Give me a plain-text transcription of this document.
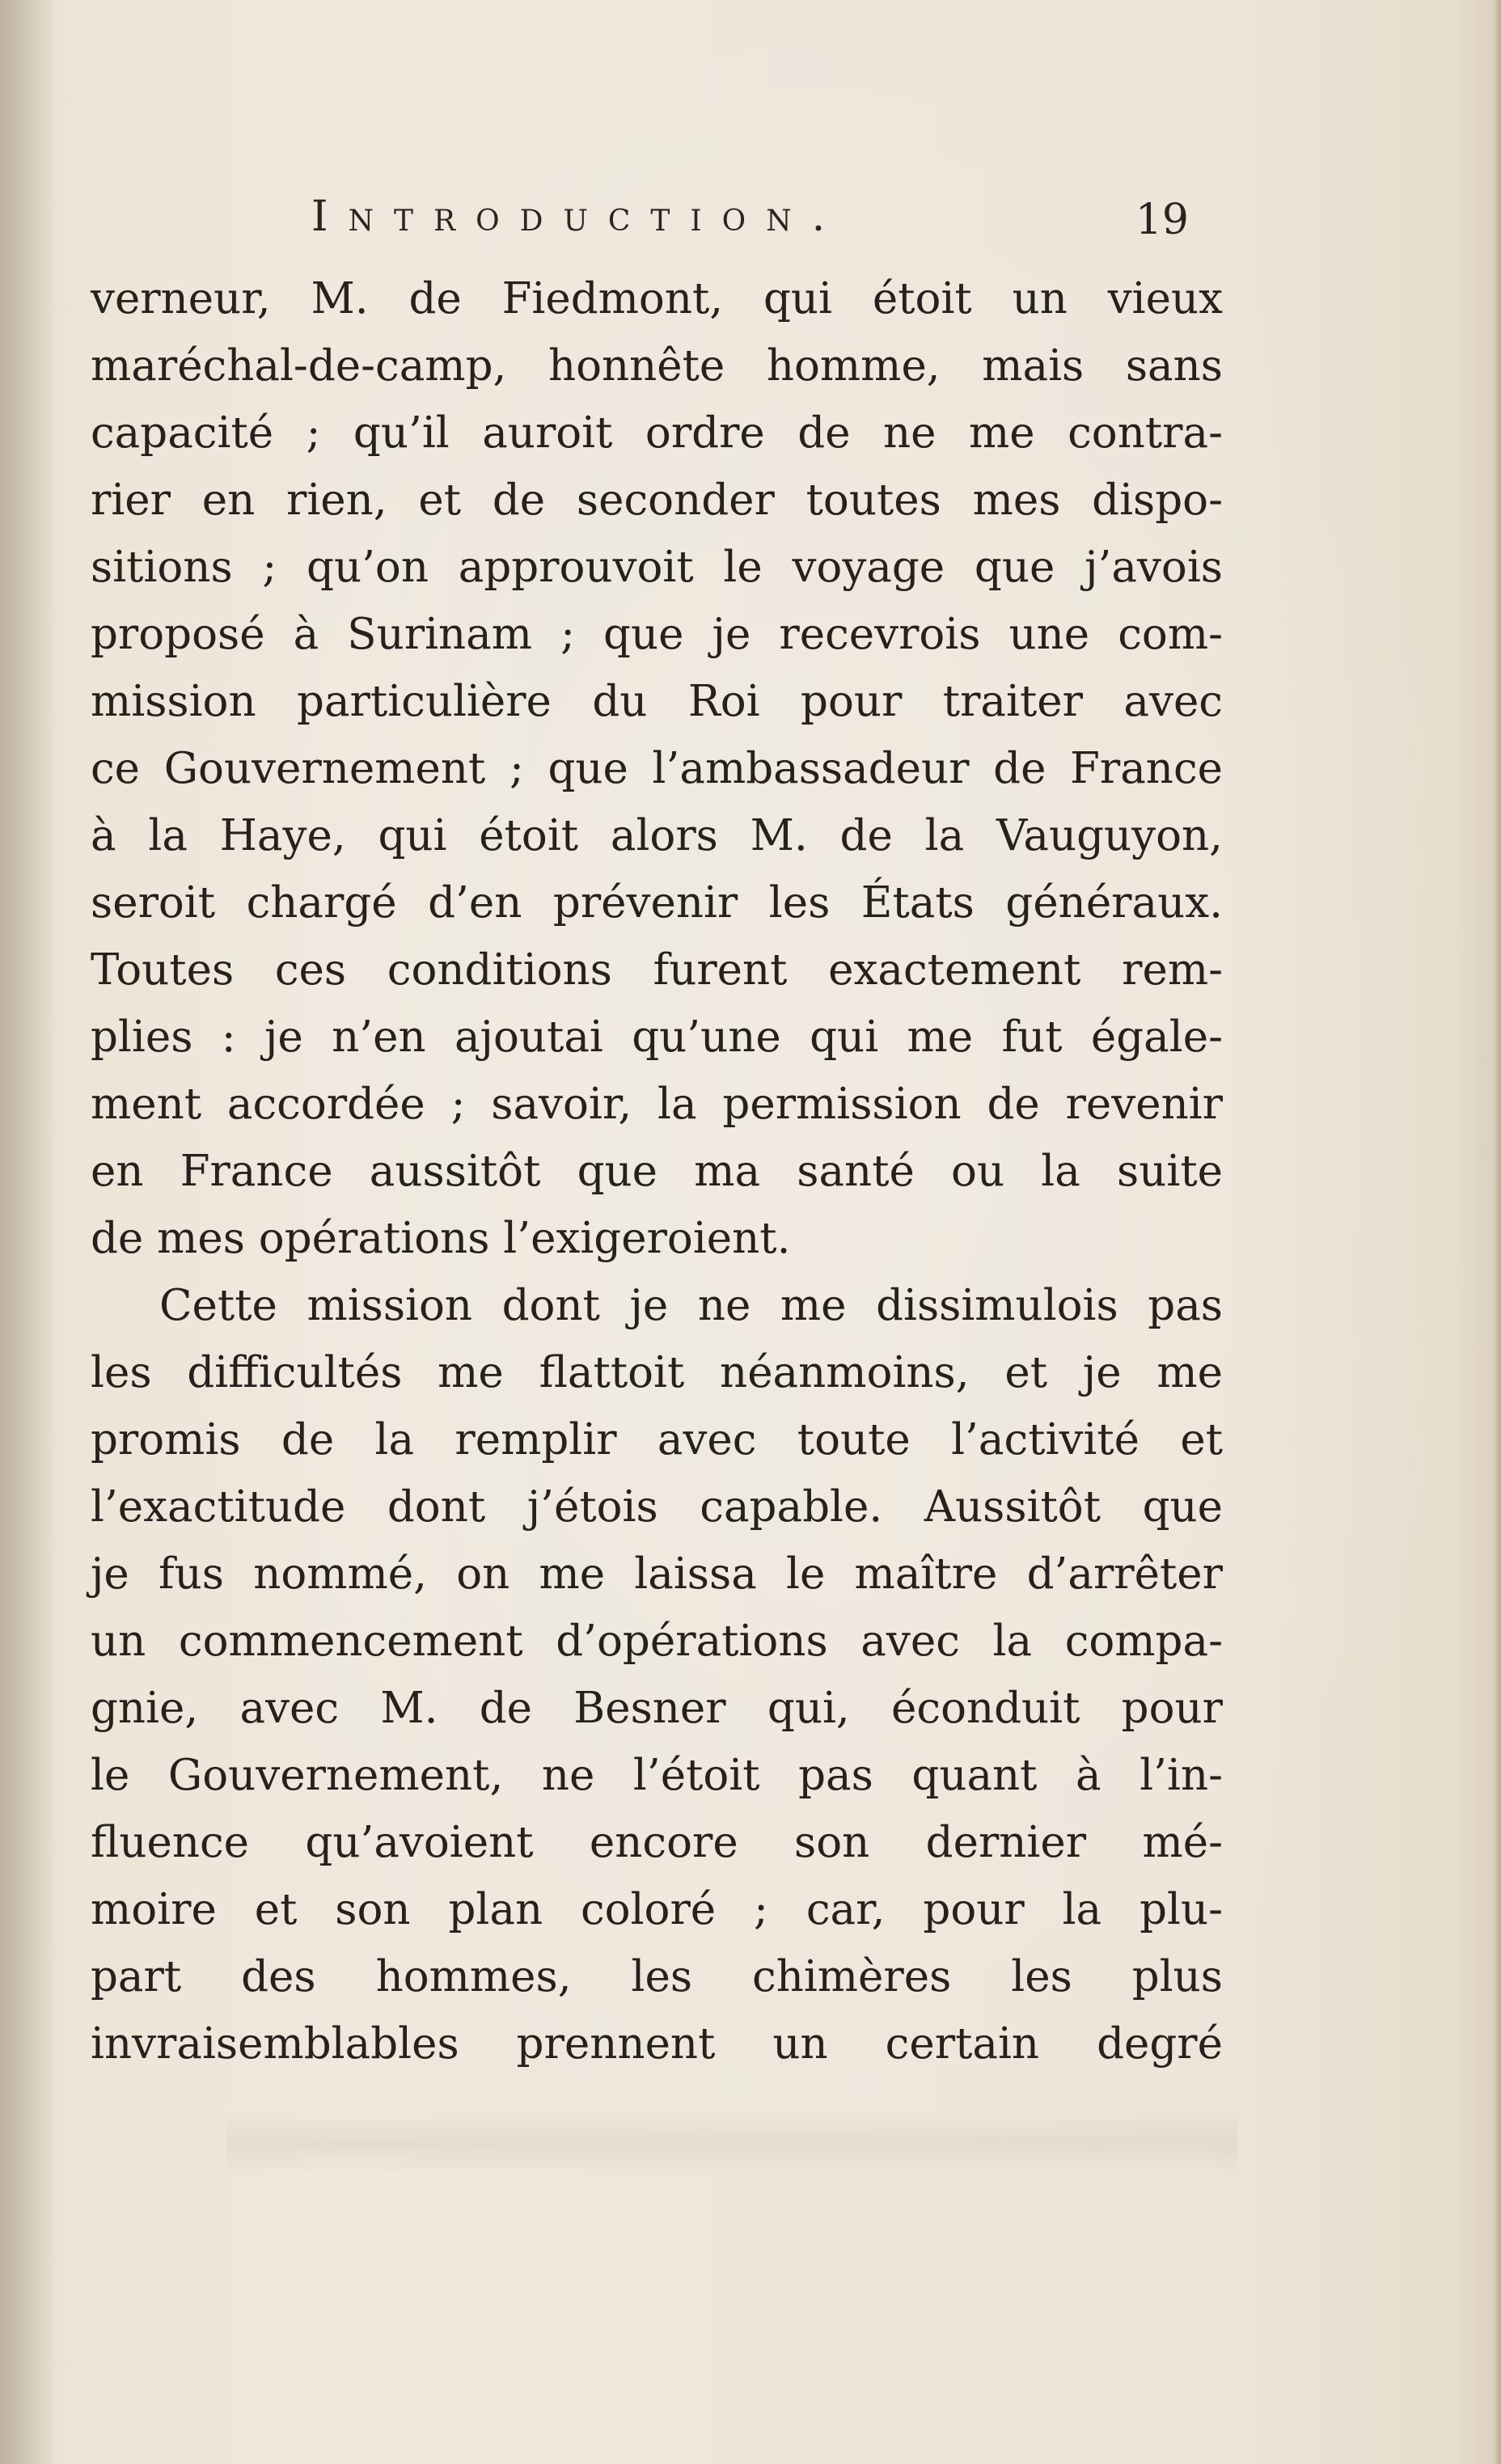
Introduction.	19
verneur, M. de Fiedmont, qui étoit un vieux
maréchal-de-camp, honnête homme, mais sans
capacité ; qu’il auroit ordre de ne me contra-
rier en rien, et de seconder toutes mes dispo-
sitions ; qu’on approuvoit le voyage que j’avois
proposé à Surinam ; que je recevrois une com-
mission particulière du Roi pour traiter avec
ce Gouvernement ; que l’ambassadeur de France
à la Haye, qui étoit alors M. de la Vauguyon,
seroit chargé d’en prévenir les États généraux.
Toutes ces conditions furent exactement rem-
plies : je n’en ajoutai qu’une qui me fut égale-
ment accordée ; savoir, la permission de revenir
en France aussitôt que ma santé ou la suite
de mes opérations l’exigeroient.
Cette mission dont je ne me dissimulois pas
les difficultés me flattoit néanmoins, et je me
promis de la remplir avec toute l’activité et
l’exactitude dont j’étois capable. Aussitôt que
je fus nommé, on me laissa le maître d’arrêter
un commencement d’opérations avec la compa-
gnie, avec M. de Besner qui, éconduit pour
le Gouvernement, ne l’étoit pas quant à l’in-
fluence qu’avoient encore son dernier mé-
moire et son plan coloré ; car, pour la plu-
part des hommes, les chimères les plus
invraisemblables prennent un certain degré
